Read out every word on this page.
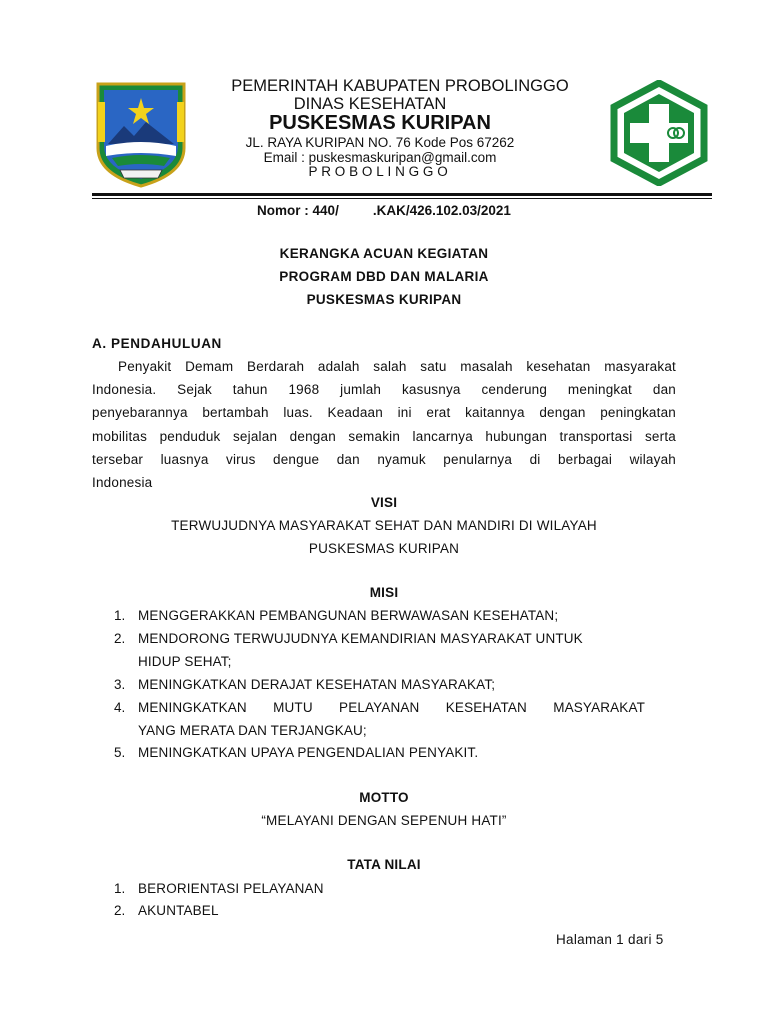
PEMERINTAH KABUPATEN PROBOLINGGO
DINAS KESEHATAN
PUSKESMAS KURIPAN
JL. RAYA KURIPAN NO. 76 Kode Pos 67262
Email : puskesmaskuripan@gmail.com
PROBOLINGGO
Nomor : 440/	.KAK/426.102.03/2021
KERANGKA ACUAN KEGIATAN
PROGRAM DBD DAN MALARIA
PUSKESMAS KURIPAN
A. PENDAHULUAN
Penyakit Demam Berdarah adalah salah satu masalah kesehatan masyarakat
Indonesia. Sejak tahun 1968 jumlah kasusnya cenderung meningkat dan
penyebarannya bertambah luas. Keadaan ini erat kaitannya dengan peningkatan
mobilitas penduduk sejalan dengan semakin lancarnya hubungan transportasi serta
tersebar luasnya virus dengue dan nyamuk penularnya di berbagai wilayah
Indonesia
VISI
TERWUJUDNYA MASYARAKAT SEHAT DAN MANDIRI DI WILAYAH
PUSKESMAS KURIPAN
MISI
1. MENGGERAKKAN PEMBANGUNAN BERWAWASAN KESEHATAN;
2. MENDORONG TERWUJUDNYA KEMANDIRIAN MASYARAKAT UNTUK
HIDUP SEHAT;
3. MENINGKATKAN DERAJAT KESEHATAN MASYARAKAT;
4. MENINGKATKAN MUTU PELAYANAN KESEHATAN MASYARAKAT
YANG MERATA DAN TERJANGKAU;
5. MENINGKATKAN UPAYA PENGENDALIAN PENYAKIT.
MOTTO
“MELAYANI DENGAN SEPENUH HATI”
TATA NILAI
1. BERORIENTASI PELAYANAN
2. AKUNTABEL
Halaman 1 dari 5
